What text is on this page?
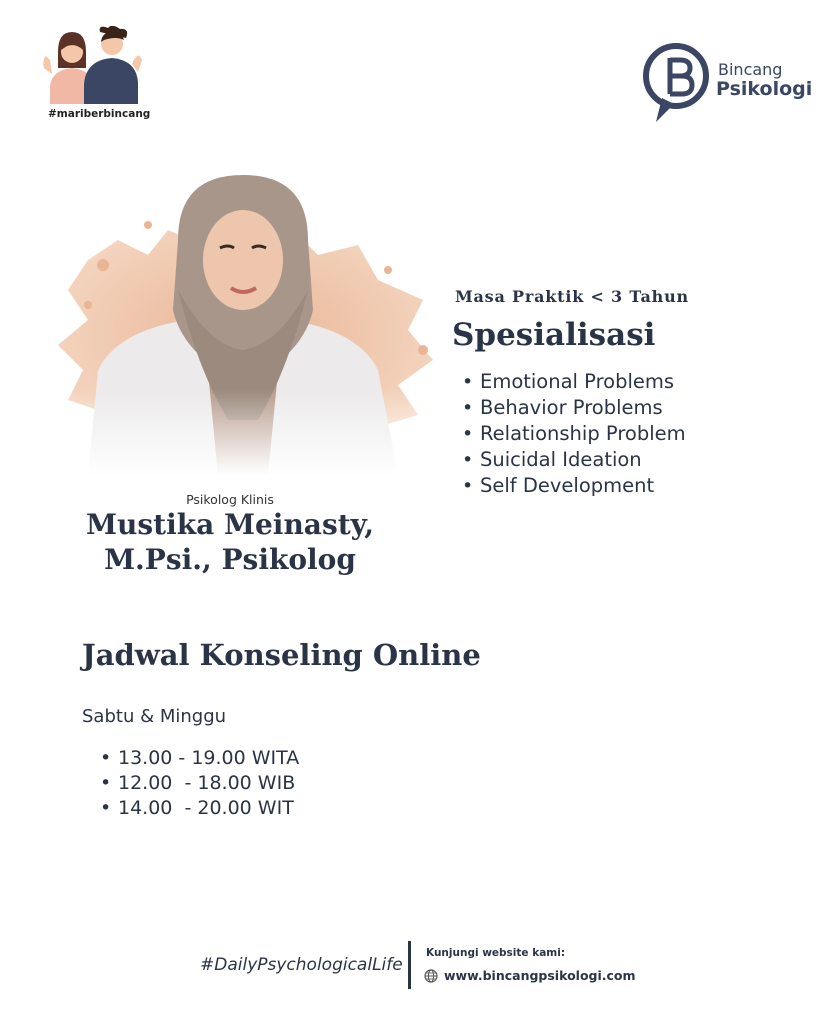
#mariberbincang
Bincang
Psikologi
Masa Praktik < 3 Tahun
Spesialisasi
• Emotional Problems
• Behavior Problems
• Relationship Problem
• Suicidal Ideation
• Self Development
Psikolog Klinis
Mustika Meinasty,
M.Psi., Psikolog
Jadwal Konseling Online
Sabtu & Minggu
• 13.00 - 19.00 WITA
• 12.00  - 18.00 WIB
• 14.00  - 20.00 WIT
#DailyPsychologicalLife
Kunjungi website kami:
www.bincangpsikologi.com
